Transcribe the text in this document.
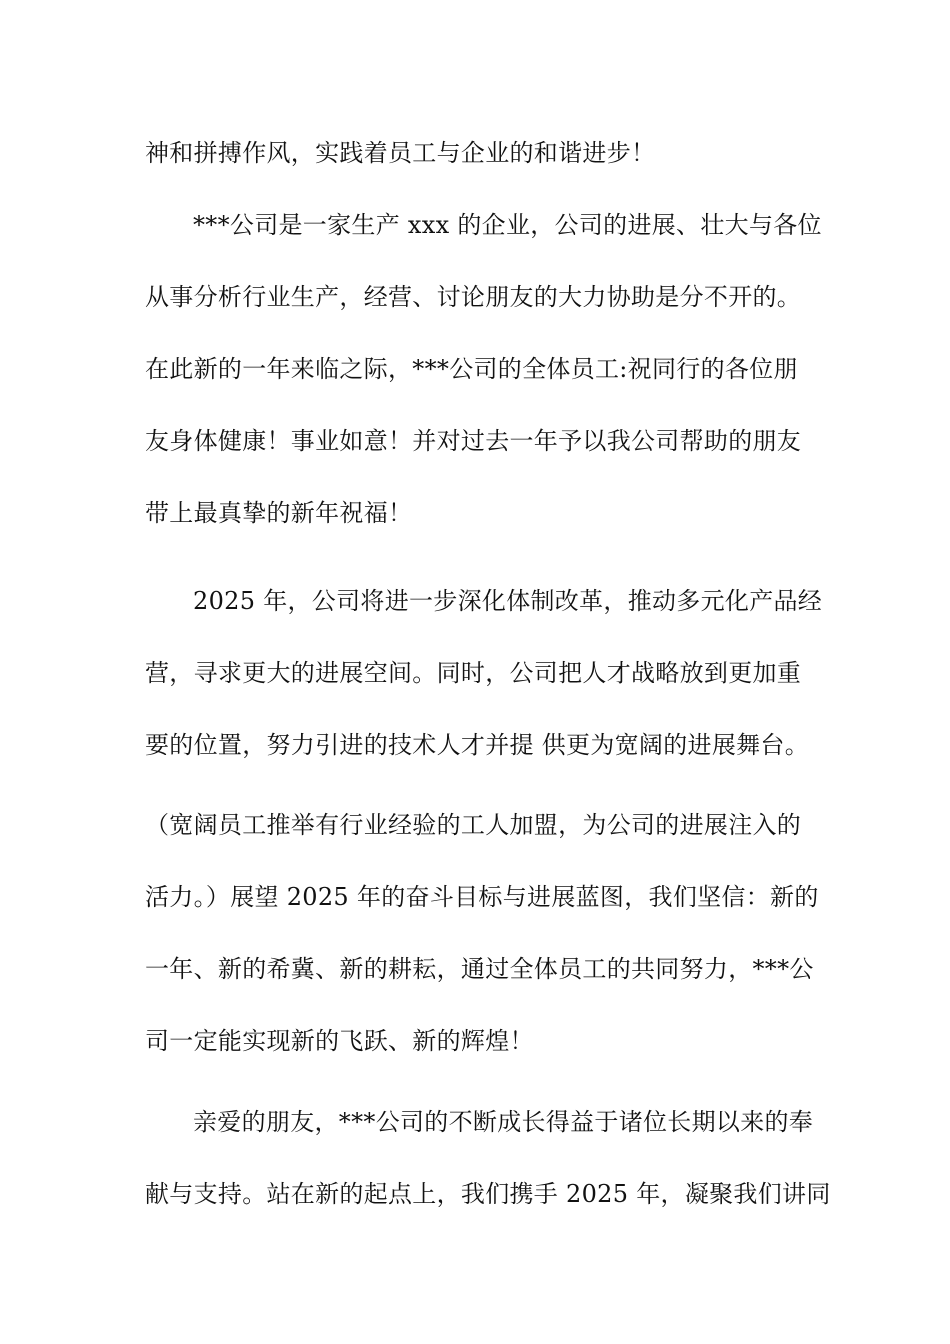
神和拼搏作风，实践着员工与企业的和谐进步！
***公司是一家生产 xxx 的企业，公司的进展、壮大与各位
从事分析行业生产，经营、讨论朋友的大力协助是分不开的。
在此新的一年来临之际，***公司的全体员工:祝同行的各位朋
友身体健康！事业如意！并对过去一年予以我公司帮助的朋友
带上最真挚的新年祝福！
2025 年，公司将进一步深化体制改革，推动多元化产品经
营，寻求更大的进展空间。同时，公司把人才战略放到更加重
要的位置，努力引进的技术人才并提 供更为宽阔的进展舞台。
（宽阔员工推举有行业经验的工人加盟，为公司的进展注入的
活力。）展望 2025 年的奋斗目标与进展蓝图，我们坚信：新的
一年、新的希冀、新的耕耘，通过全体员工的共同努力，***公
司一定能实现新的飞跃、新的辉煌！
亲爱的朋友，***公司的不断成长得益于诸位长期以来的奉
献与支持。站在新的起点上，我们携手 2025 年，凝聚我们讲同
